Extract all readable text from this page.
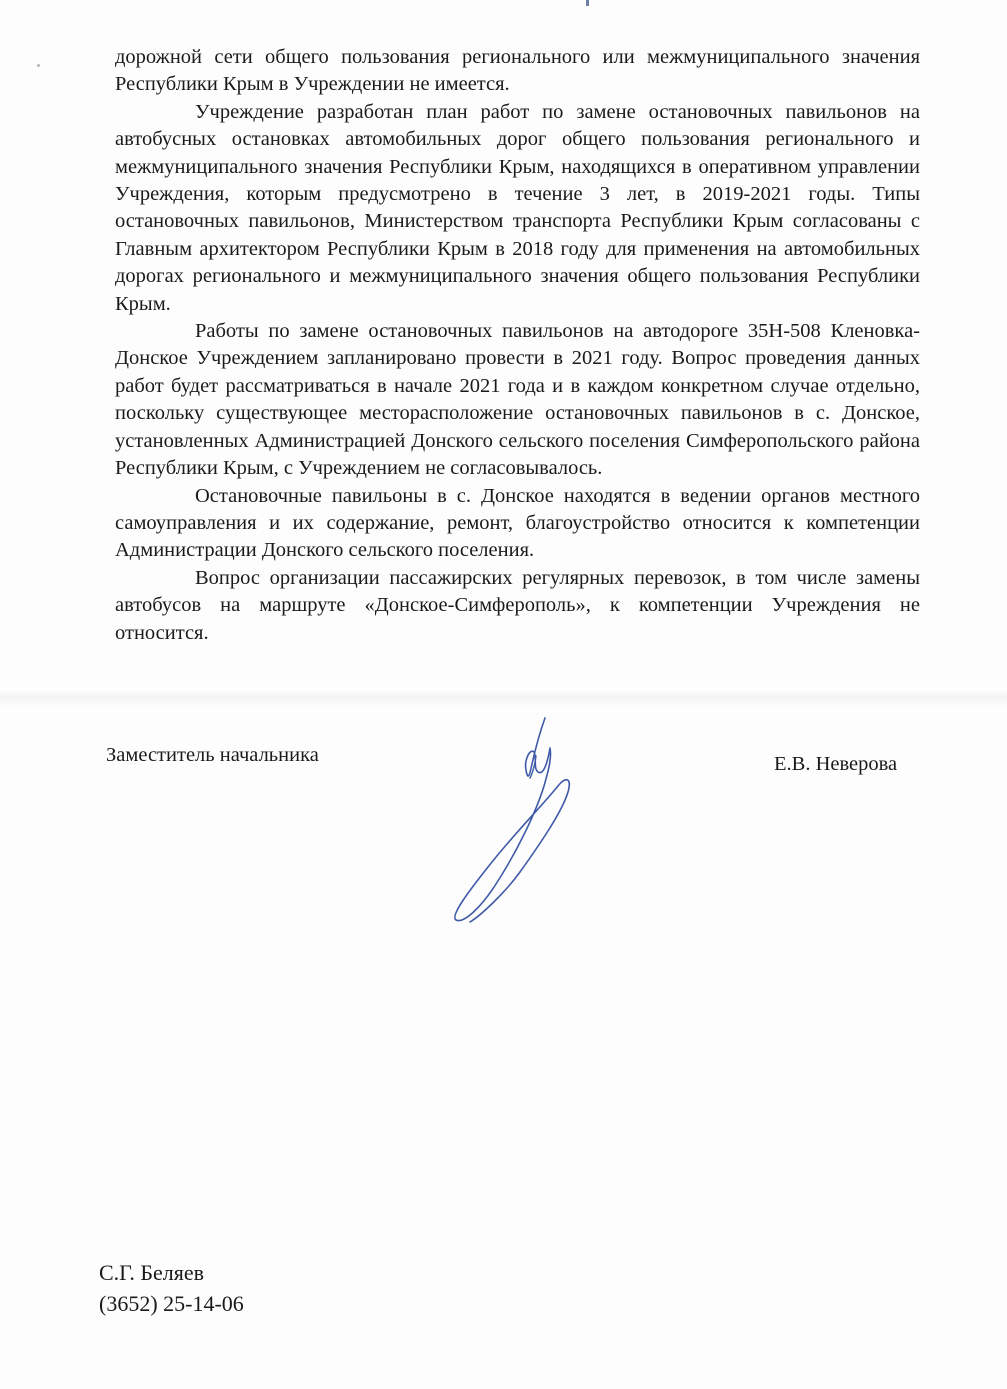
дорожной сети общего пользования регионального или межмуниципального значения Республики Крым в Учреждении не имеется.

Учреждение разработан план работ по замене остановочных павильонов на автобусных остановках автомобильных дорог общего пользования регионального и межмуниципального значения Республики Крым, находящихся в оперативном управлении Учреждения, которым предусмотрено в течение 3 лет, в 2019-2021 годы. Типы остановочных павильонов, Министерством транспорта Республики Крым согласованы с Главным архитектором Республики Крым в 2018 году для применения на автомобильных дорогах регионального и межмуниципального значения общего пользования Республики Крым.

Работы по замене остановочных павильонов на автодороге 35Н-508 Кленовка-Донское Учреждением запланировано провести в 2021 году. Вопрос проведения данных работ будет рассматриваться в начале 2021 года и в каждом конкретном случае отдельно, поскольку существующее месторасположение остановочных павильонов в с. Донское, установленных Администрацией Донского сельского поселения Симферопольского района Республики Крым, с Учреждением не согласовывалось.

Остановочные павильоны в с. Донское находятся в ведении органов местного самоуправления и их содержание, ремонт, благоустройство относится к компетенции Администрации Донского сельского поселения.

Вопрос организации пассажирских регулярных перевозок, в том числе замены автобусов на маршруте «Донское-Симферополь», к компетенции Учреждения не относится.

Заместитель начальника	Е.В. Неверова
С.Г. Беляев
(3652) 25-14-06
